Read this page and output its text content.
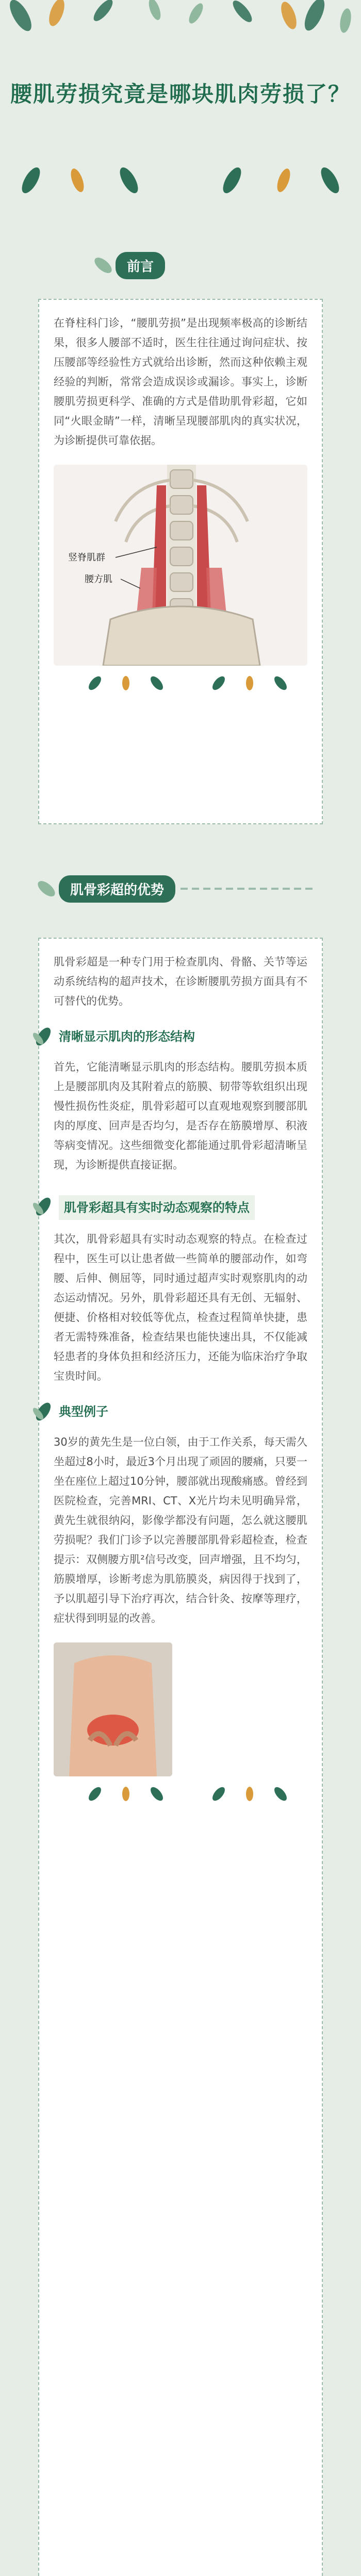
腰肌劳损究竟是哪块肌肉劳损了？
前言

在脊柱科门诊，“腰肌劳损”是出现频率极高的诊断结果，很多人腰部不适时，医生往往通过询问症状、按压腰部等经验性方式就给出诊断，然而这种依赖主观经验的判断，常常会造成误诊或漏诊。事实上，诊断腰肌劳损更科学、准确的方式是借助肌骨彩超，它如同“火眼金睛”一样，清晰呈现腰部肌肉的真实状况，为诊断提供可靠依据。

竖脊肌群
腰方肌
肌骨彩超的优势

肌骨彩超是一种专门用于检查肌肉、骨骼、关节等运动系统结构的超声技术，在诊断腰肌劳损方面具有不可替代的优势。

清晰显示肌肉的形态结构

首先，它能清晰显示肌肉的形态结构。腰肌劳损本质上是腰部肌肉及其附着点的筋膜、韧带等软组织出现慢性损伤性炎症，肌骨彩超可以直观地观察到腰部肌肉的厚度、回声是否均匀，是否存在筋膜增厚、积液等病变情况。这些细微变化都能通过肌骨彩超清晰呈现，为诊断提供直接证据。

肌骨彩超具有实时动态观察的特点

其次，肌骨彩超具有实时动态观察的特点。在检查过程中，医生可以让患者做一些简单的腰部动作，如弯腰、后伸、侧屈等，同时通过超声实时观察肌肉的动态运动情况。另外，肌骨彩超还具有无创、无辐射、便捷、价格相对较低等优点，检查过程简单快捷，患者无需特殊准备，检查结果也能快速出具，不仅能减轻患者的身体负担和经济压力，还能为临床治疗争取宝贵时间。

典型例子

30岁的黄先生是一位白领，由于工作关系，每天需久坐超过8小时，最近3个月出现了顽固的腰痛，只要一坐在座位上超过10分钟，腰部就出现酸痛感。曾经到医院检查，完善MRI、CT、X光片均未见明确异常，黄先生就很纳闷，影像学都没有问题，怎么就这腰肌劳损呢？我们门诊予以完善腰部肌骨彩超检查，检查提示：双侧腰方肌²信号改变，回声增强，且不均匀，筋膜增厚，诊断考虑为肌筋膜炎，病因得于找到了，予以肌超引导下治疗再次，结合针灸、按摩等理疗，症状得到明显的改善。
